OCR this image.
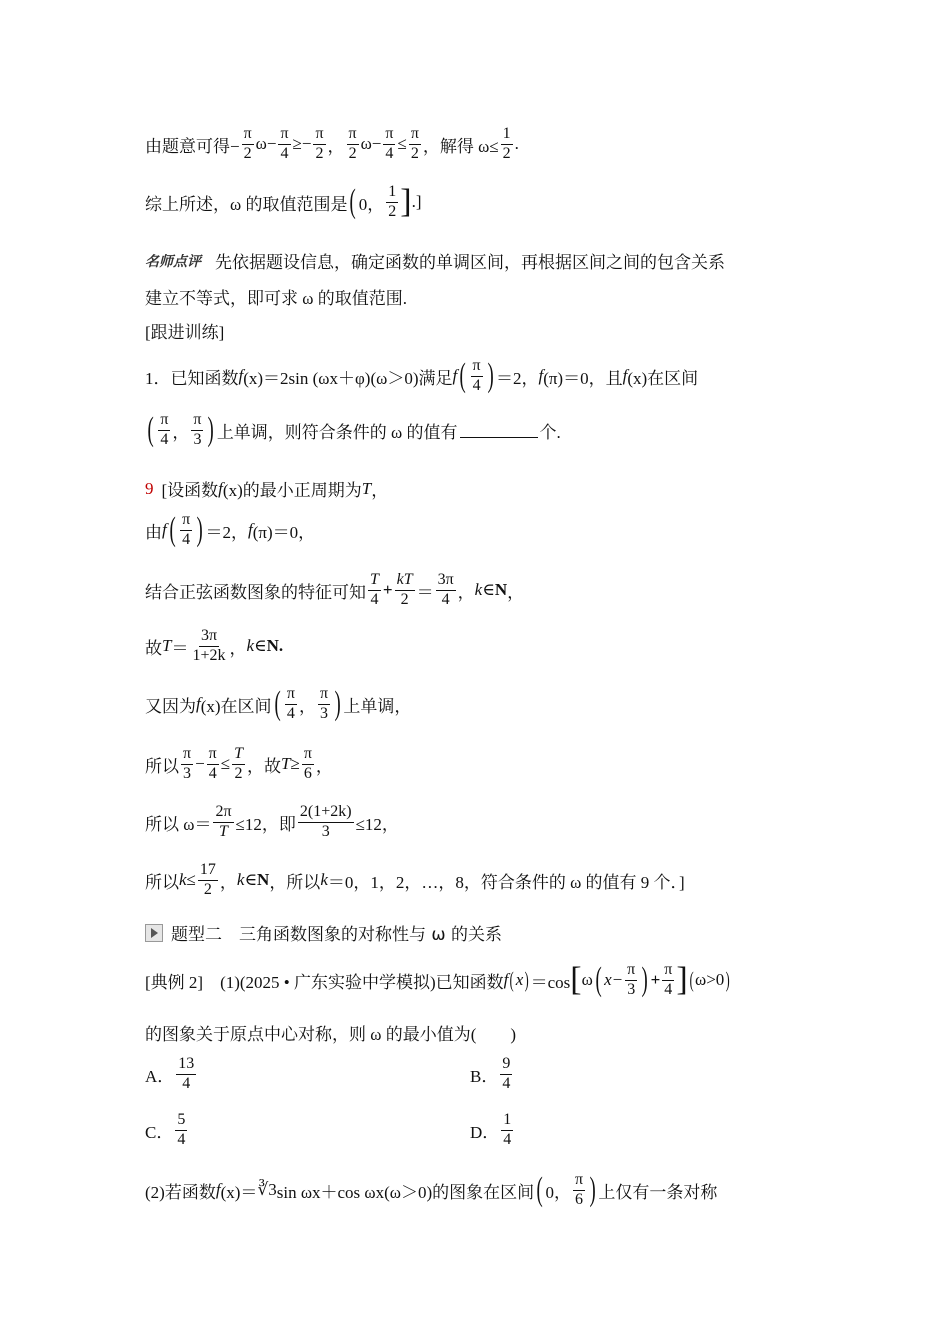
由题意可得− $\frac{\pi}{2} \omega- \frac{\pi}{4} \ge- \frac{\pi}{2}$ ， $\frac{\pi}{2} \omega- \frac{\pi}{4} \le \frac{\pi}{2}$ ，解得 $\omega\le \frac{1}{2}$ .
综上所述，ω 的取值范围是 ( 0， $\frac{1}{2}$ ] .]
名师点评 先依据题设信息，确定函数的单调区间，再根据区间之间的包含关系
建立不等式，即可求 ω 的取值范围.
[跟进训练]
1．已知函数 f (x)＝2sin (ωx＋φ)(ω＞0)满足 f ( $\frac{\pi}{4}$ ) ＝2， f (π)＝0，且 f (x)在区间
( $\frac{\pi}{4}$ ， $\frac{\pi}{3}$ ) 上单调，则符合条件的 ω 的值有	个.
9 [设函数 f (x)的最小正周期为 T ，
由 f ( $\frac{\pi}{4}$ ) ＝2， f (π)＝0，
结合正弦函数图象的特征可知 $\frac{T}{4} + \frac{kT}{2} = \frac{3\pi}{4}$ ， k ∈ N ，
故 $T = \frac{3\pi}{1+2k}$ ， k ∈ N.
又因为 f (x)在区间 ( $\frac{\pi}{4}$ ， $\frac{\pi}{3}$ ) 上单调，
所以 $\frac{\pi}{3} - \frac{\pi}{4} \le \frac{T}{2}$ ，故 $T \ge \frac{\pi}{6}$ ，
所以 $\omega= \frac{2\pi}{T} \le 12$，即 $\frac{2(1+2k)}{3} \le 12$，
所以 $k \le \frac{17}{2}$ ， k ∈ N ，所以 k ＝0，1，2，…，8，符合条件的 ω 的值有 9 个．]
题型二　三角函数图象的对称性与 ω 的关系
[典例 2]　(1)(2025 • 广东实验中学模拟)已知函数 f ( x ) ＝cos [ ω ( $x- \frac{\pi}{3}$ ) + $\frac{\pi}{4}$ ] ( ω>0 )
的图象关于原点中心对称，则 ω 的最小值为(　　)
A． $\frac{13}{4}$	B． $\frac{9}{4}$
C． $\frac{5}{4}$	D． $\frac{1}{4}$
(2)若函数 f (x)＝ ∛3 sin ωx＋cos ωx(ω＞0)的图象在区间 ( 0， $\frac{\pi}{6}$ ) 上仅有一条对称
